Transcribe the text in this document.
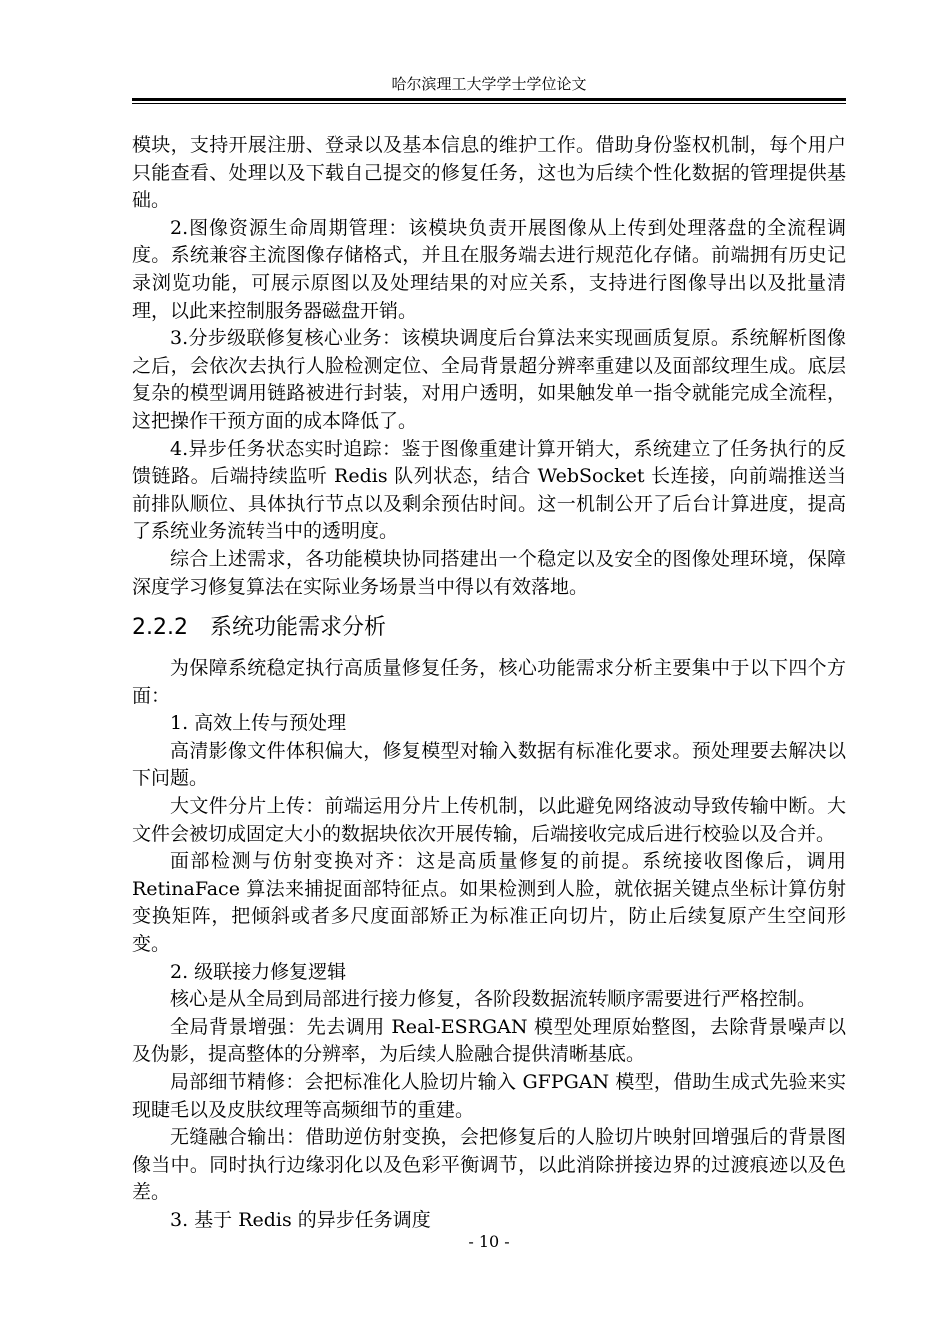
哈尔滨理工大学学士学位论文

模块，支持开展注册、登录以及基本信息的维护工作。借助身份鉴权机制，每个用户只能查看、处理以及下载自己提交的修复任务，这也为后续个性化数据的管理提供基础。

2.图像资源生命周期管理：该模块负责开展图像从上传到处理落盘的全流程调度。系统兼容主流图像存储格式，并且在服务端去进行规范化存储。前端拥有历史记录浏览功能，可展示原图以及处理结果的对应关系，支持进行图像导出以及批量清理，以此来控制服务器磁盘开销。

3.分步级联修复核心业务：该模块调度后台算法来实现画质复原。系统解析图像之后，会依次去执行人脸检测定位、全局背景超分辨率重建以及面部纹理生成。底层复杂的模型调用链路被进行封装，对用户透明，如果触发单一指令就能完成全流程，这把操作干预方面的成本降低了。

4.异步任务状态实时追踪：鉴于图像重建计算开销大，系统建立了任务执行的反馈链路。后端持续监听 Redis 队列状态，结合 WebSocket 长连接，向前端推送当前排队顺位、具体执行节点以及剩余预估时间。这一机制公开了后台计算进度，提高了系统业务流转当中的透明度。

综合上述需求，各功能模块协同搭建出一个稳定以及安全的图像处理环境，保障深度学习修复算法在实际业务场景当中得以有效落地。

2.2.2 系统功能需求分析

为保障系统稳定执行高质量修复任务，核心功能需求分析主要集中于以下四个方面：

1. 高效上传与预处理

高清影像文件体积偏大，修复模型对输入数据有标准化要求。预处理要去解决以下问题。

大文件分片上传：前端运用分片上传机制，以此避免网络波动导致传输中断。大文件会被切成固定大小的数据块依次开展传输，后端接收完成后进行校验以及合并。

面部检测与仿射变换对齐：这是高质量修复的前提。系统接收图像后，调用 RetinaFace 算法来捕捉面部特征点。如果检测到人脸，就依据关键点坐标计算仿射变换矩阵，把倾斜或者多尺度面部矫正为标准正向切片，防止后续复原产生空间形变。

2. 级联接力修复逻辑

核心是从全局到局部进行接力修复，各阶段数据流转顺序需要进行严格控制。

全局背景增强：先去调用 Real-ESRGAN 模型处理原始整图，去除背景噪声以及伪影，提高整体的分辨率，为后续人脸融合提供清晰基底。

局部细节精修：会把标准化人脸切片输入 GFPGAN 模型，借助生成式先验来实现睫毛以及皮肤纹理等高频细节的重建。

无缝融合输出：借助逆仿射变换，会把修复后的人脸切片映射回增强后的背景图像当中。同时执行边缘羽化以及色彩平衡调节，以此消除拼接边界的过渡痕迹以及色差。

3. 基于 Redis 的异步任务调度

- 10 -
